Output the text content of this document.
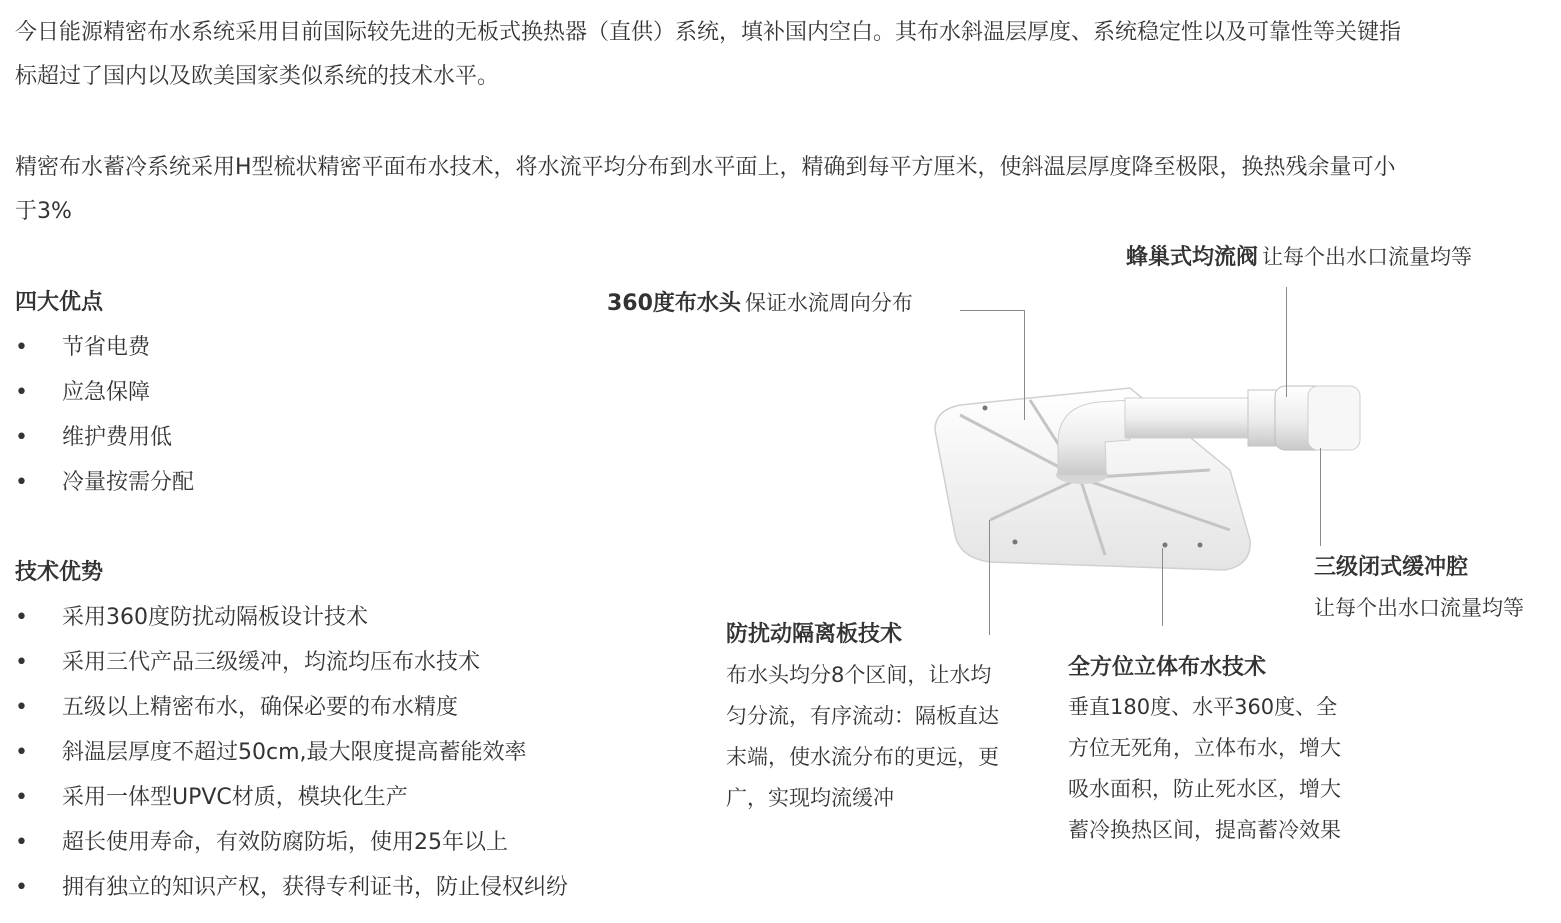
今日能源精密布水系统采用目前国际较先进的无板式换热器（直供）系统，填补国内空白。其布水斜温层厚度、系统稳定性以及可靠性等关键指标超过了国内以及欧美国家类似系统的技术水平。

精密布水蓄冷系统采用H型梳状精密平面布水技术，将水流平均分布到水平面上，精确到每平方厘米，使斜温层厚度降至极限，换热残余量可小于3%

四大优点
• 节省电费
• 应急保障
• 维护费用低
• 冷量按需分配
技术优势
• 采用360度防扰动隔板设计技术
• 采用三代产品三级缓冲，均流均压布水技术
• 五级以上精密布水，确保必要的布水精度
• 斜温层厚度不超过50cm,最大限度提高蓄能效率
• 采用一体型UPVC材质，模块化生产
• 超长使用寿命，有效防腐防垢，使用25年以上
• 拥有独立的知识产权，获得专利证书，防止侵权纠纷
蜂巢式均流阀 让每个出水口流量均等
360度布水头 保证水流周向分布
三级闭式缓冲腔
让每个出水口流量均等
防扰动隔离板技术
布水头均分8个区间，让水均
匀分流，有序流动：隔板直达
末端，使水流分布的更远，更
广，实现均流缓冲
全方位立体布水技术
垂直180度、水平360度、全
方位无死角，立体布水，增大
吸水面积，防止死水区，增大
蓄冷换热区间，提高蓄冷效果
